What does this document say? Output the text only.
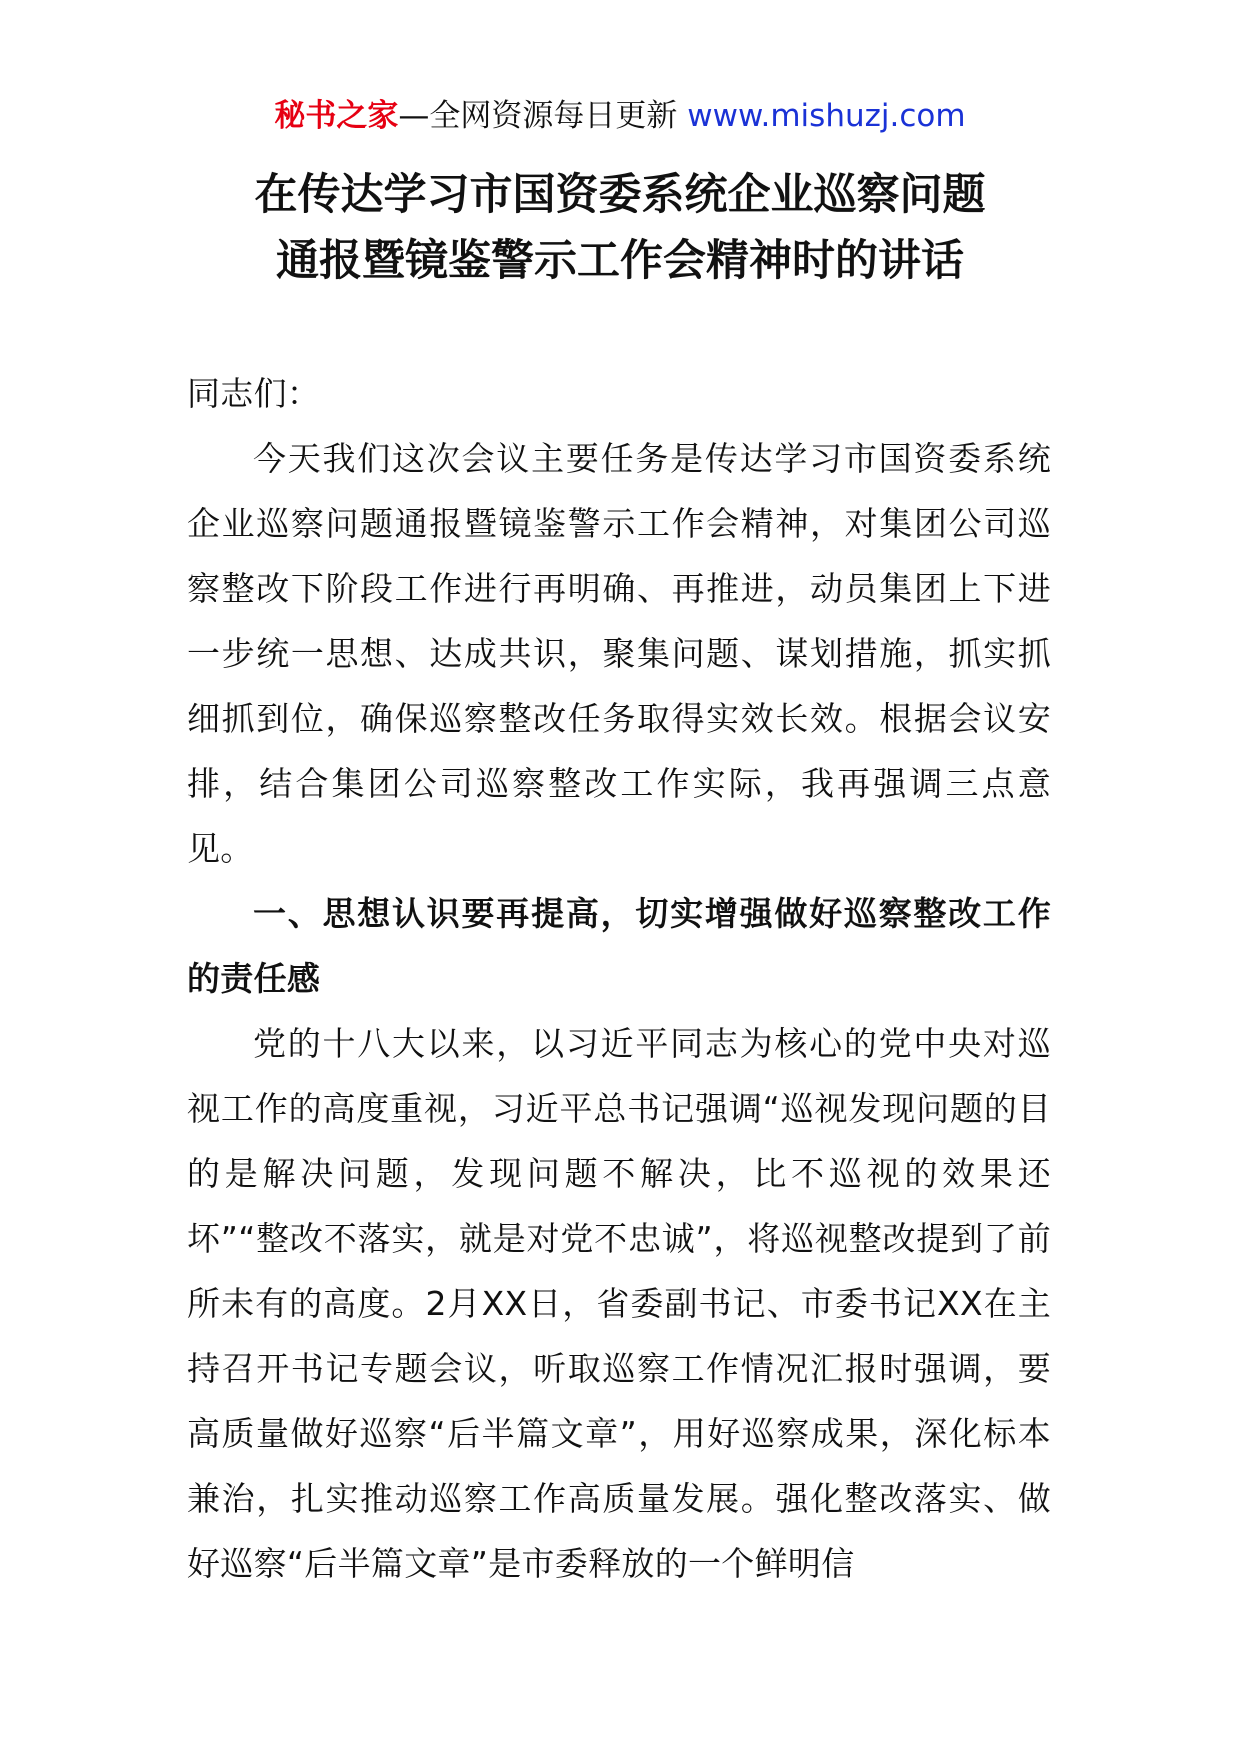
秘书之家—全网资源每日更新 www.mishuzj.com
在传达学习市国资委系统企业巡察问题
通报暨镜鉴警示工作会精神时的讲话

同志们：

今天我们这次会议主要任务是传达学习市国资委系统企业巡察问题通报暨镜鉴警示工作会精神，对集团公司巡察整改下阶段工作进行再明确、再推进，动员集团上下进一步统一思想、达成共识，聚集问题、谋划措施，抓实抓细抓到位，确保巡察整改任务取得实效长效。根据会议安排，结合集团公司巡察整改工作实际，我再强调三点意见。

一、思想认识要再提高，切实增强做好巡察整改工作的责任感

党的十八大以来，以习近平同志为核心的党中央对巡视工作的高度重视，习近平总书记强调“巡视发现问题的目的是解决问题，发现问题不解决，比不巡视的效果还坏”“整改不落实，就是对党不忠诚”，将巡视整改提到了前所未有的高度。2月XX日，省委副书记、市委书记XX在主持召开书记专题会议，听取巡察工作情况汇报时强调，要高质量做好巡察“后半篇文章”，用好巡察成果，深化标本兼治，扎实推动巡察工作高质量发展。强化整改落实、做好巡察“后半篇文章”是市委释放的一个鲜明信
